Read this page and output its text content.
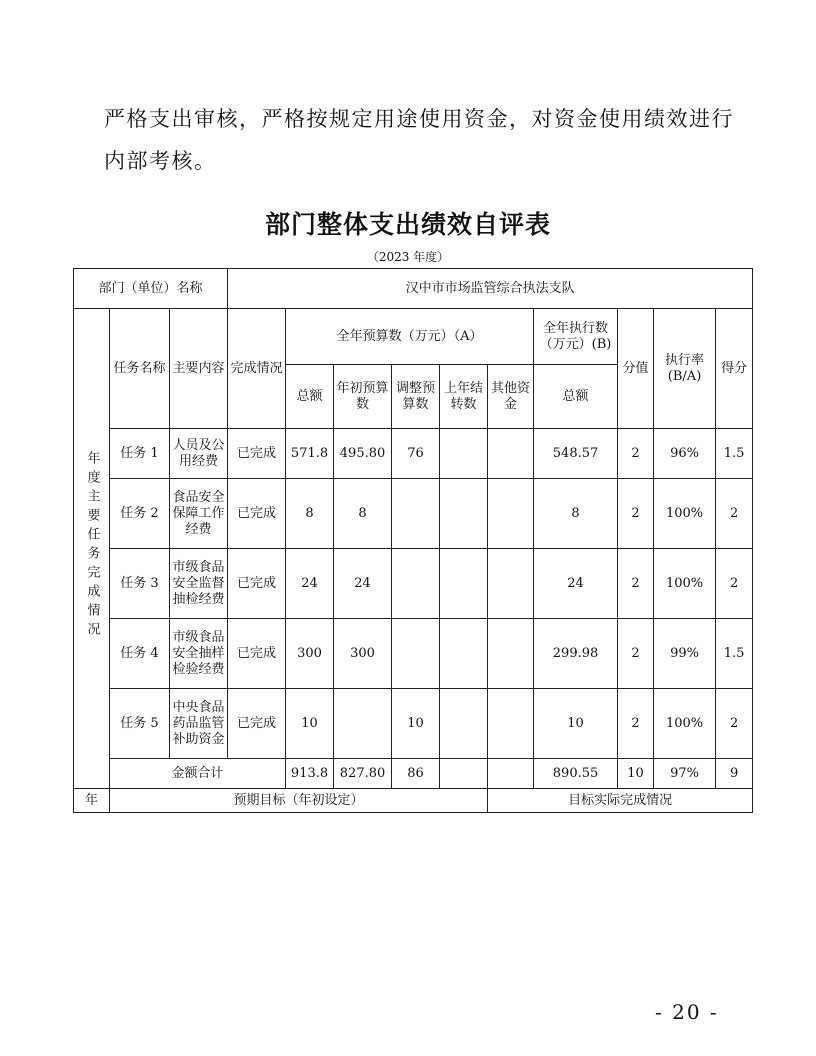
严格支出审核，严格按规定用途使用资金，对资金使用绩效进行内部考核。
部门整体支出绩效自评表
（2023 年度）
部门（单位）名称			汉中市市场监管综合执法支队									
年度主要任务完成情况	任务名称	主要内容	完成情况	全年预算数（万元）（A）					全年执行数（万元）(B)	分值	执行率(B/A)	得分
				总额	年初预算数	调整预算数	上年结转数	其他资金	总额			
	任务 1	人员及公用经费	已完成	571.8	495.80	76			548.57	2	96%	1.5
	任务 2	食品安全保障工作经费	已完成	8	8				8	2	100%	2
	任务 3	市级食品安全监督抽检经费	已完成	24	24				24	2	100%	2
	任务 4	市级食品安全抽样检验经费	已完成	300	300				299.98	2	99%	1.5
	任务 5	中央食品药品监管补助资金	已完成	10		10			10	2	100%	2
	金额合计			913.8	827.80	86			890.55	10	97%	9
年	预期目标（年初设定）							目标实际完成情况				
- 20 -
